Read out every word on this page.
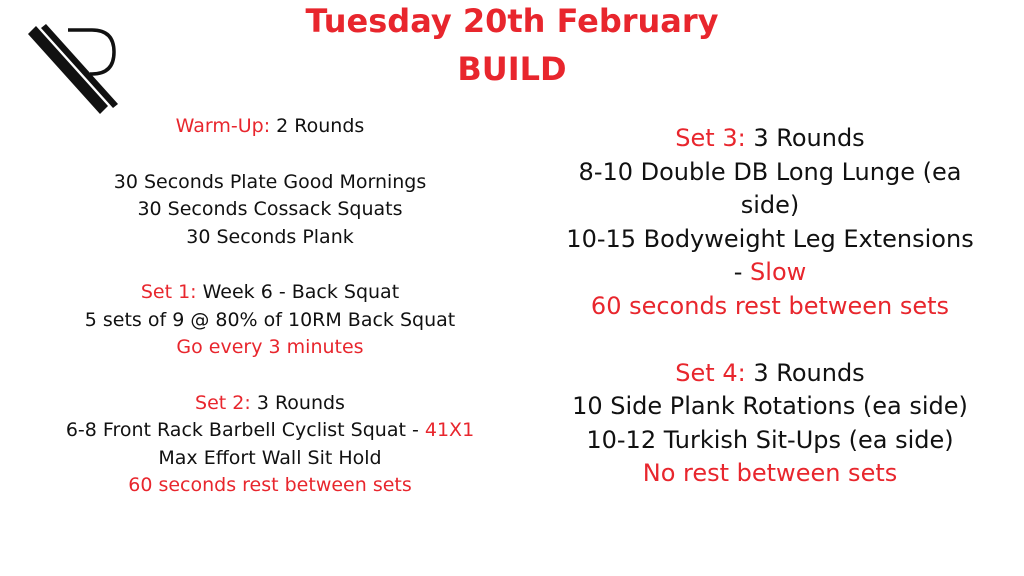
Tuesday 20th February
BUILD
Warm-Up: 2 Rounds
30 Seconds Plate Good Mornings
30 Seconds Cossack Squats
30 Seconds Plank
Set 1: Week 6 - Back Squat
5 sets of 9 @ 80% of 10RM Back Squat
Go every 3 minutes
Set 2: 3 Rounds
6-8 Front Rack Barbell Cyclist Squat - 41X1
Max Effort Wall Sit Hold
60 seconds rest between sets
Set 3: 3 Rounds
8-10 Double DB Long Lunge (ea
side)
10-15 Bodyweight Leg Extensions
- Slow
60 seconds rest between sets
Set 4: 3 Rounds
10 Side Plank Rotations (ea side)
10-12 Turkish Sit-Ups (ea side)
No rest between sets
